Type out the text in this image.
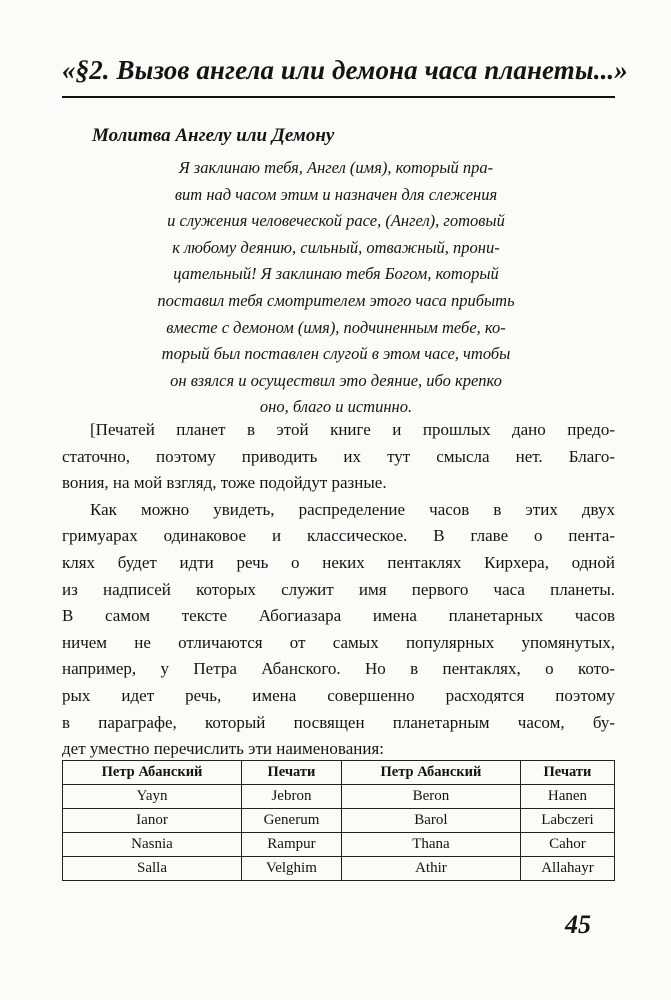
«§2. Вызов ангела или демона часа планеты...»
Молитва Ангелу или Демону
Я заклинаю тебя, Ангел (имя), который пра-
вит над часом этим и назначен для слежения
и служения человеческой расе, (Ангел), готовый
к любому деянию, сильный, отважный, прони-
цательный! Я заклинаю тебя Богом, который
поставил тебя смотрителем этого часа прибыть
вместе с демоном (имя), подчиненным тебе, ко-
торый был поставлен слугой в этом часе, чтобы
он взялся и осуществил это деяние, ибо крепко
оно, благо и истинно.
[Печатей планет в этой книге и прошлых дано предо-
статочно, поэтому приводить их тут смысла нет. Благо-
вония, на мой взгляд, тоже подойдут разные.
Как можно увидеть, распределение часов в этих двух
гримуарах одинаковое и классическое. В главе о пента-
клях будет идти речь о неких пентаклях Кирхера, одной
из надписей которых служит имя первого часа планеты.
В самом тексте Абогиазара имена планетарных часов
ничем не отличаются от самых популярных упомянутых,
например, у Петра Абанского. Но в пентаклях, о кото-
рых идет речь, имена совершенно расходятся поэтому
в параграфе, который посвящен планетарным часом, бу-
дет уместно перечислить эти наименования:
Петр Абанский	Печати	Петр Абанский	Печати
Yayn	Jebron	Beron	Hanen
Ianor	Generum	Barol	Labczeri
Nasnia	Rampur	Thana	Cahor
Salla	Velghim	Athir	Allahayr
45
